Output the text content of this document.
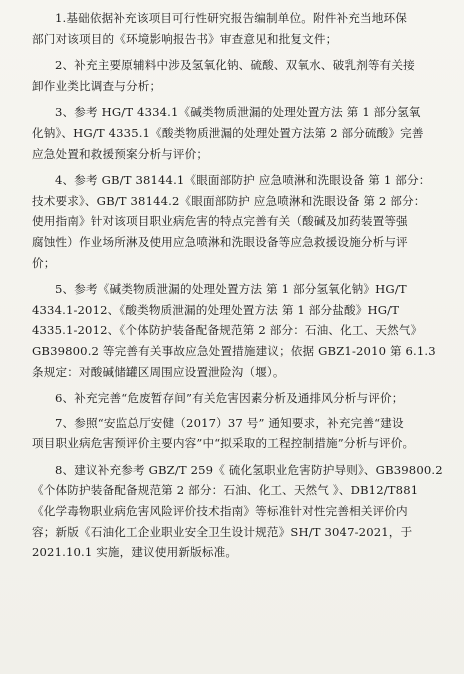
1.基础依据补充该项目可行性研究报告编制单位。附件补充当地环保
部门对该项目的《环境影响报告书》审查意见和批复文件；
2、补充主要原辅料中涉及氢氧化钠、硫酸、双氧水、破乳剂等有关接
卸作业类比调查与分析；
3、参考 HG/T 4334.1《碱类物质泄漏的处理处置方法 第 1 部分氢氧
化钠》、HG/T 4335.1《酸类物质泄漏的处理处置方法第 2 部分硫酸》完善
应急处置和救援预案分析与评价；
4、参考 GB/T 38144.1《眼面部防护 应急喷淋和洗眼设备 第 1 部分：
技术要求》、GB/T 38144.2《眼面部防护 应急喷淋和洗眼设备 第 2 部分：
使用指南》针对该项目职业病危害的特点完善有关（酸碱及加药装置等强
腐蚀性）作业场所淋及使用应急喷淋和洗眼设备等应急救援设施分析与评
价；
5、参考《碱类物质泄漏的处理处置方法 第 1 部分氢氧化钠》HG/T
4334.1-2012、《酸类物质泄漏的处理处置方法 第 1 部分盐酸》HG/T
4335.1-2012、《个体防护装备配备规范第 2 部分：石油、化工、天然气》
GB39800.2 等完善有关事故应急处置措施建议；依据 GBZ1-2010 第 6.1.3
条规定：对酸碱储罐区周围应设置泄险沟（堰）。
6、补充完善“危废暂存间”有关危害因素分析及通排风分析与评价；
7、参照“安监总厅安健（2017）37 号” 通知要求，补充完善“建设
项目职业病危害预评价主要内容”中“拟采取的工程控制措施”分析与评价。
8、建议补充参考 GBZ/T 259《 硫化氢职业危害防护导则》、GB39800.2
《个体防护装备配备规范第 2 部分：石油、化工、天然气 》、DB12/T881
《化学毒物职业病危害风险评价技术指南》等标准针对性完善相关评价内
容；新版《石油化工企业职业安全卫生设计规范》SH/T 3047-2021，于
2021.10.1 实施，建议使用新版标准。
